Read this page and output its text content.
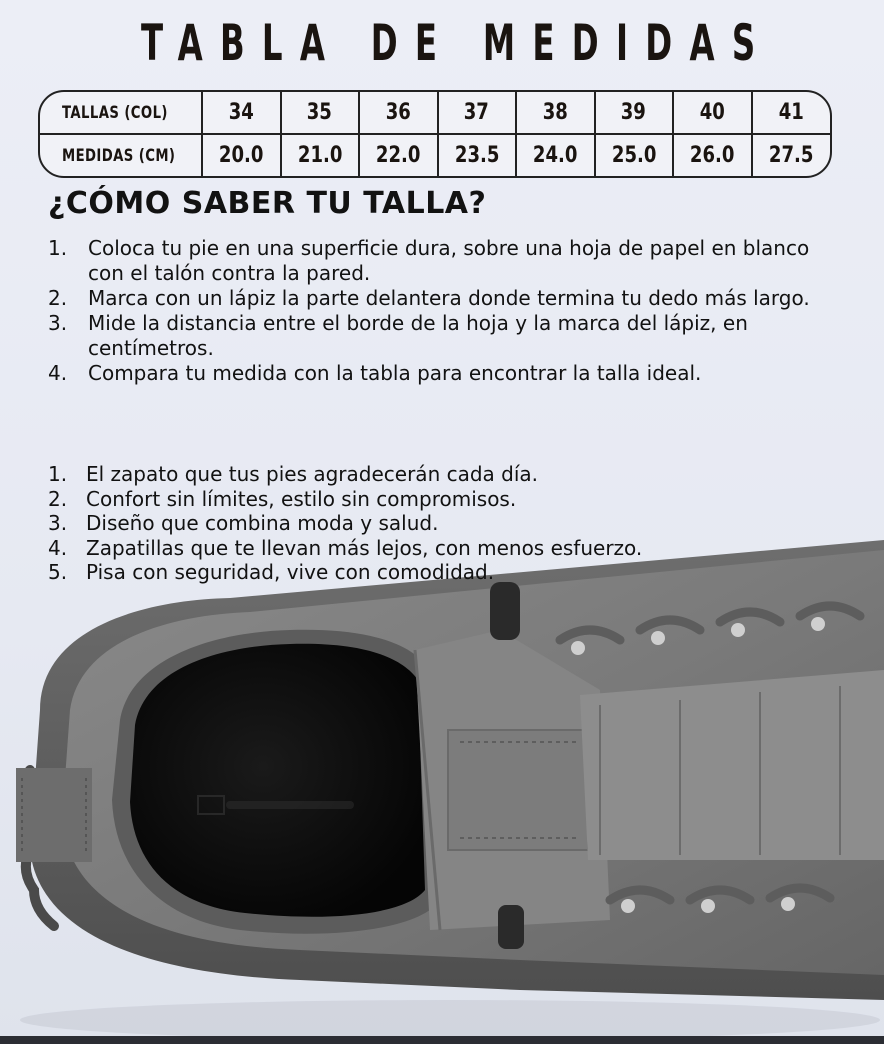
TABLA DE MEDIDAS
TALLAS (COL)	34	35	36	37	38	39	40	41
MEDIDAS (CM)	20.0	21.0	22.0	23.5	24.0	25.0	26.0	27.5
¿CÓMO SABER TU TALLA?
1.	Coloca tu pie en una superficie dura, sobre una hoja de papel en blanco con el talón contra la pared.
2.	Marca con un lápiz la parte delantera donde termina tu dedo más largo.
3.	Mide la distancia entre el borde de la hoja y la marca del lápiz, en centímetros.
4.	Compara tu medida con la tabla para encontrar la talla ideal.
1. El zapato que tus pies agradecerán cada día.
2. Confort sin límites, estilo sin compromisos.
3. Diseño que combina moda y salud.
4. Zapatillas que te llevan más lejos, con menos esfuerzo.
5. Pisa con seguridad, vive con comodidad.
